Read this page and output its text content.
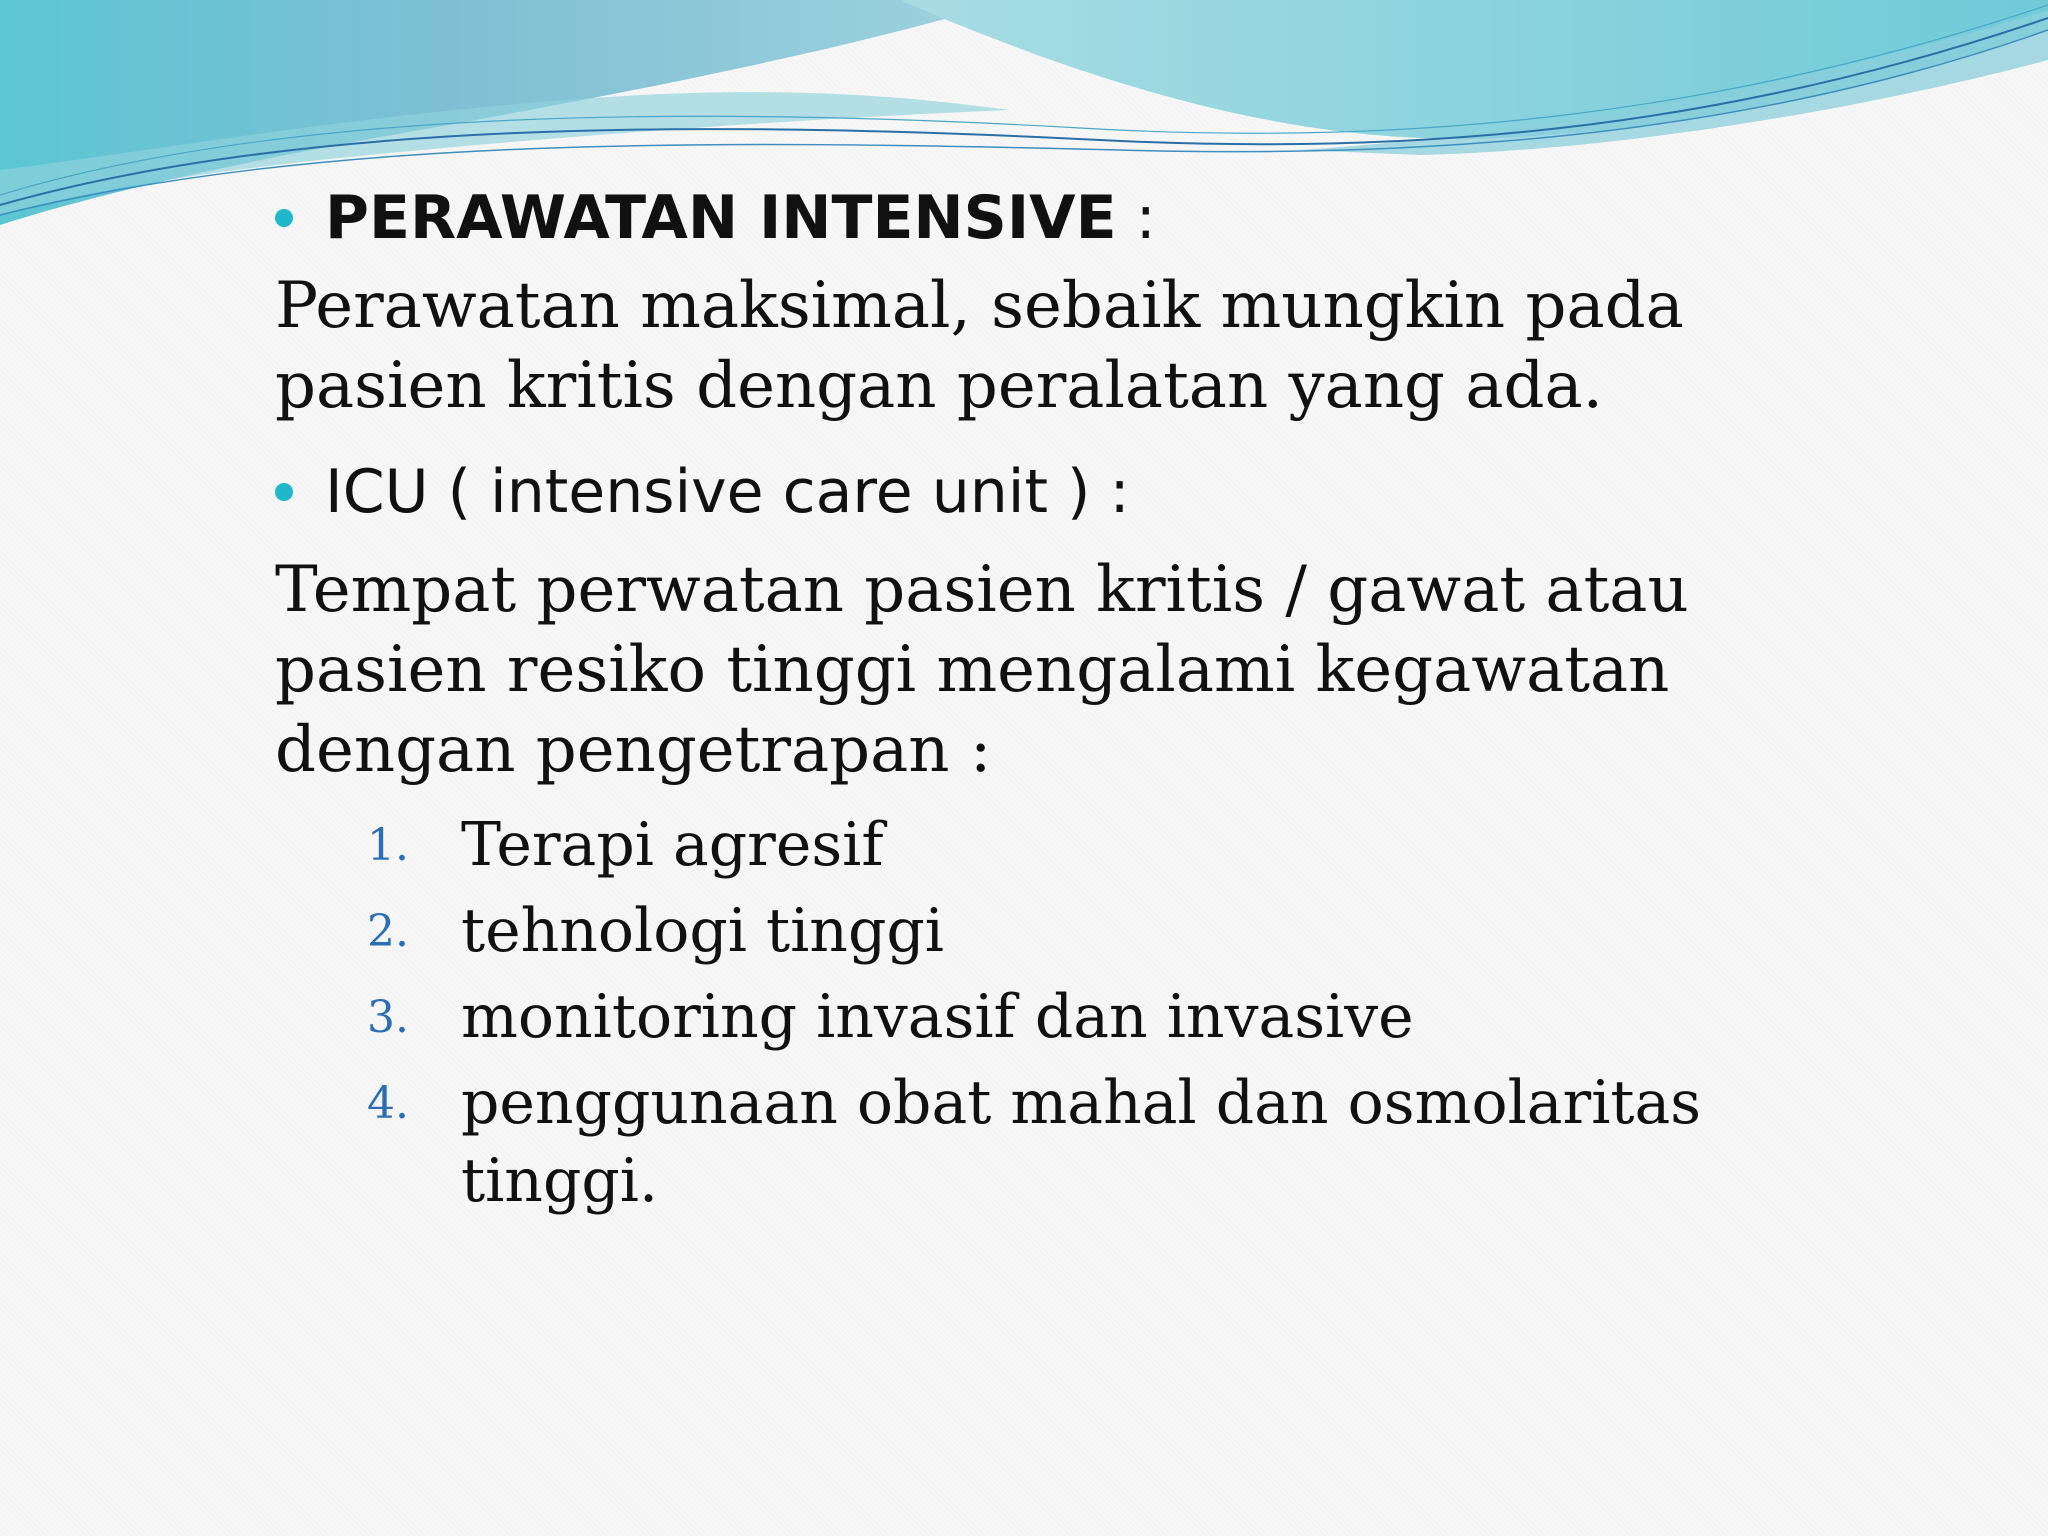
PERAWATAN INTENSIVE :

Perawatan maksimal, sebaik mungkin pada pasien kritis dengan peralatan yang ada.

ICU ( intensive care unit ) :

Tempat perwatan pasien kritis / gawat atau pasien resiko tinggi mengalami kegawatan dengan pengetrapan :

1. Terapi agresif
2. tehnologi tinggi
3. monitoring invasif dan invasive
4. penggunaan obat mahal dan osmolaritas tinggi.
